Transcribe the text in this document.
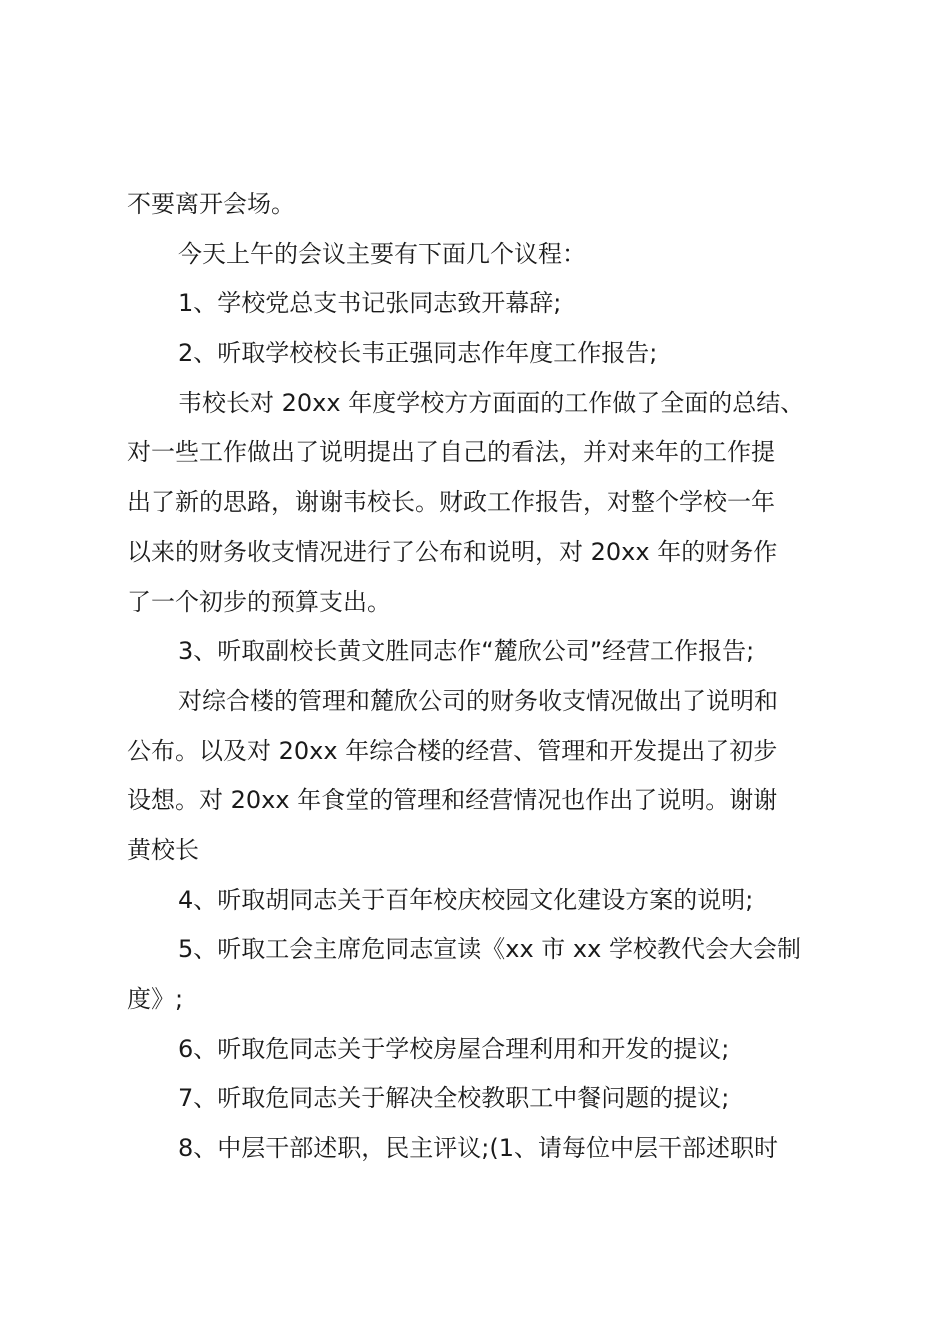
不要离开会场。

今天上午的会议主要有下面几个议程：

1、学校党总支书记张同志致开幕辞;

2、听取学校校长韦正强同志作年度工作报告;

韦校长对 20xx 年度学校方方面面的工作做了全面的总结、

对一些工作做出了说明提出了自己的看法，并对来年的工作提

出了新的思路，谢谢韦校长。财政工作报告，对整个学校一年

以来的财务收支情况进行了公布和说明，对 20xx 年的财务作

了一个初步的预算支出。

3、听取副校长黄文胜同志作“麓欣公司”经营工作报告;

对综合楼的管理和麓欣公司的财务收支情况做出了说明和

公布。以及对 20xx 年综合楼的经营、管理和开发提出了初步

设想。对 20xx 年食堂的管理和经营情况也作出了说明。谢谢

黄校长

4、听取胡同志关于百年校庆校园文化建设方案的说明;

5、听取工会主席危同志宣读《xx 市 xx 学校教代会大会制

度》;

6、听取危同志关于学校房屋合理利用和开发的提议;

7、听取危同志关于解决全校教职工中餐问题的提议;

8、中层干部述职，民主评议;(1、请每位中层干部述职时
